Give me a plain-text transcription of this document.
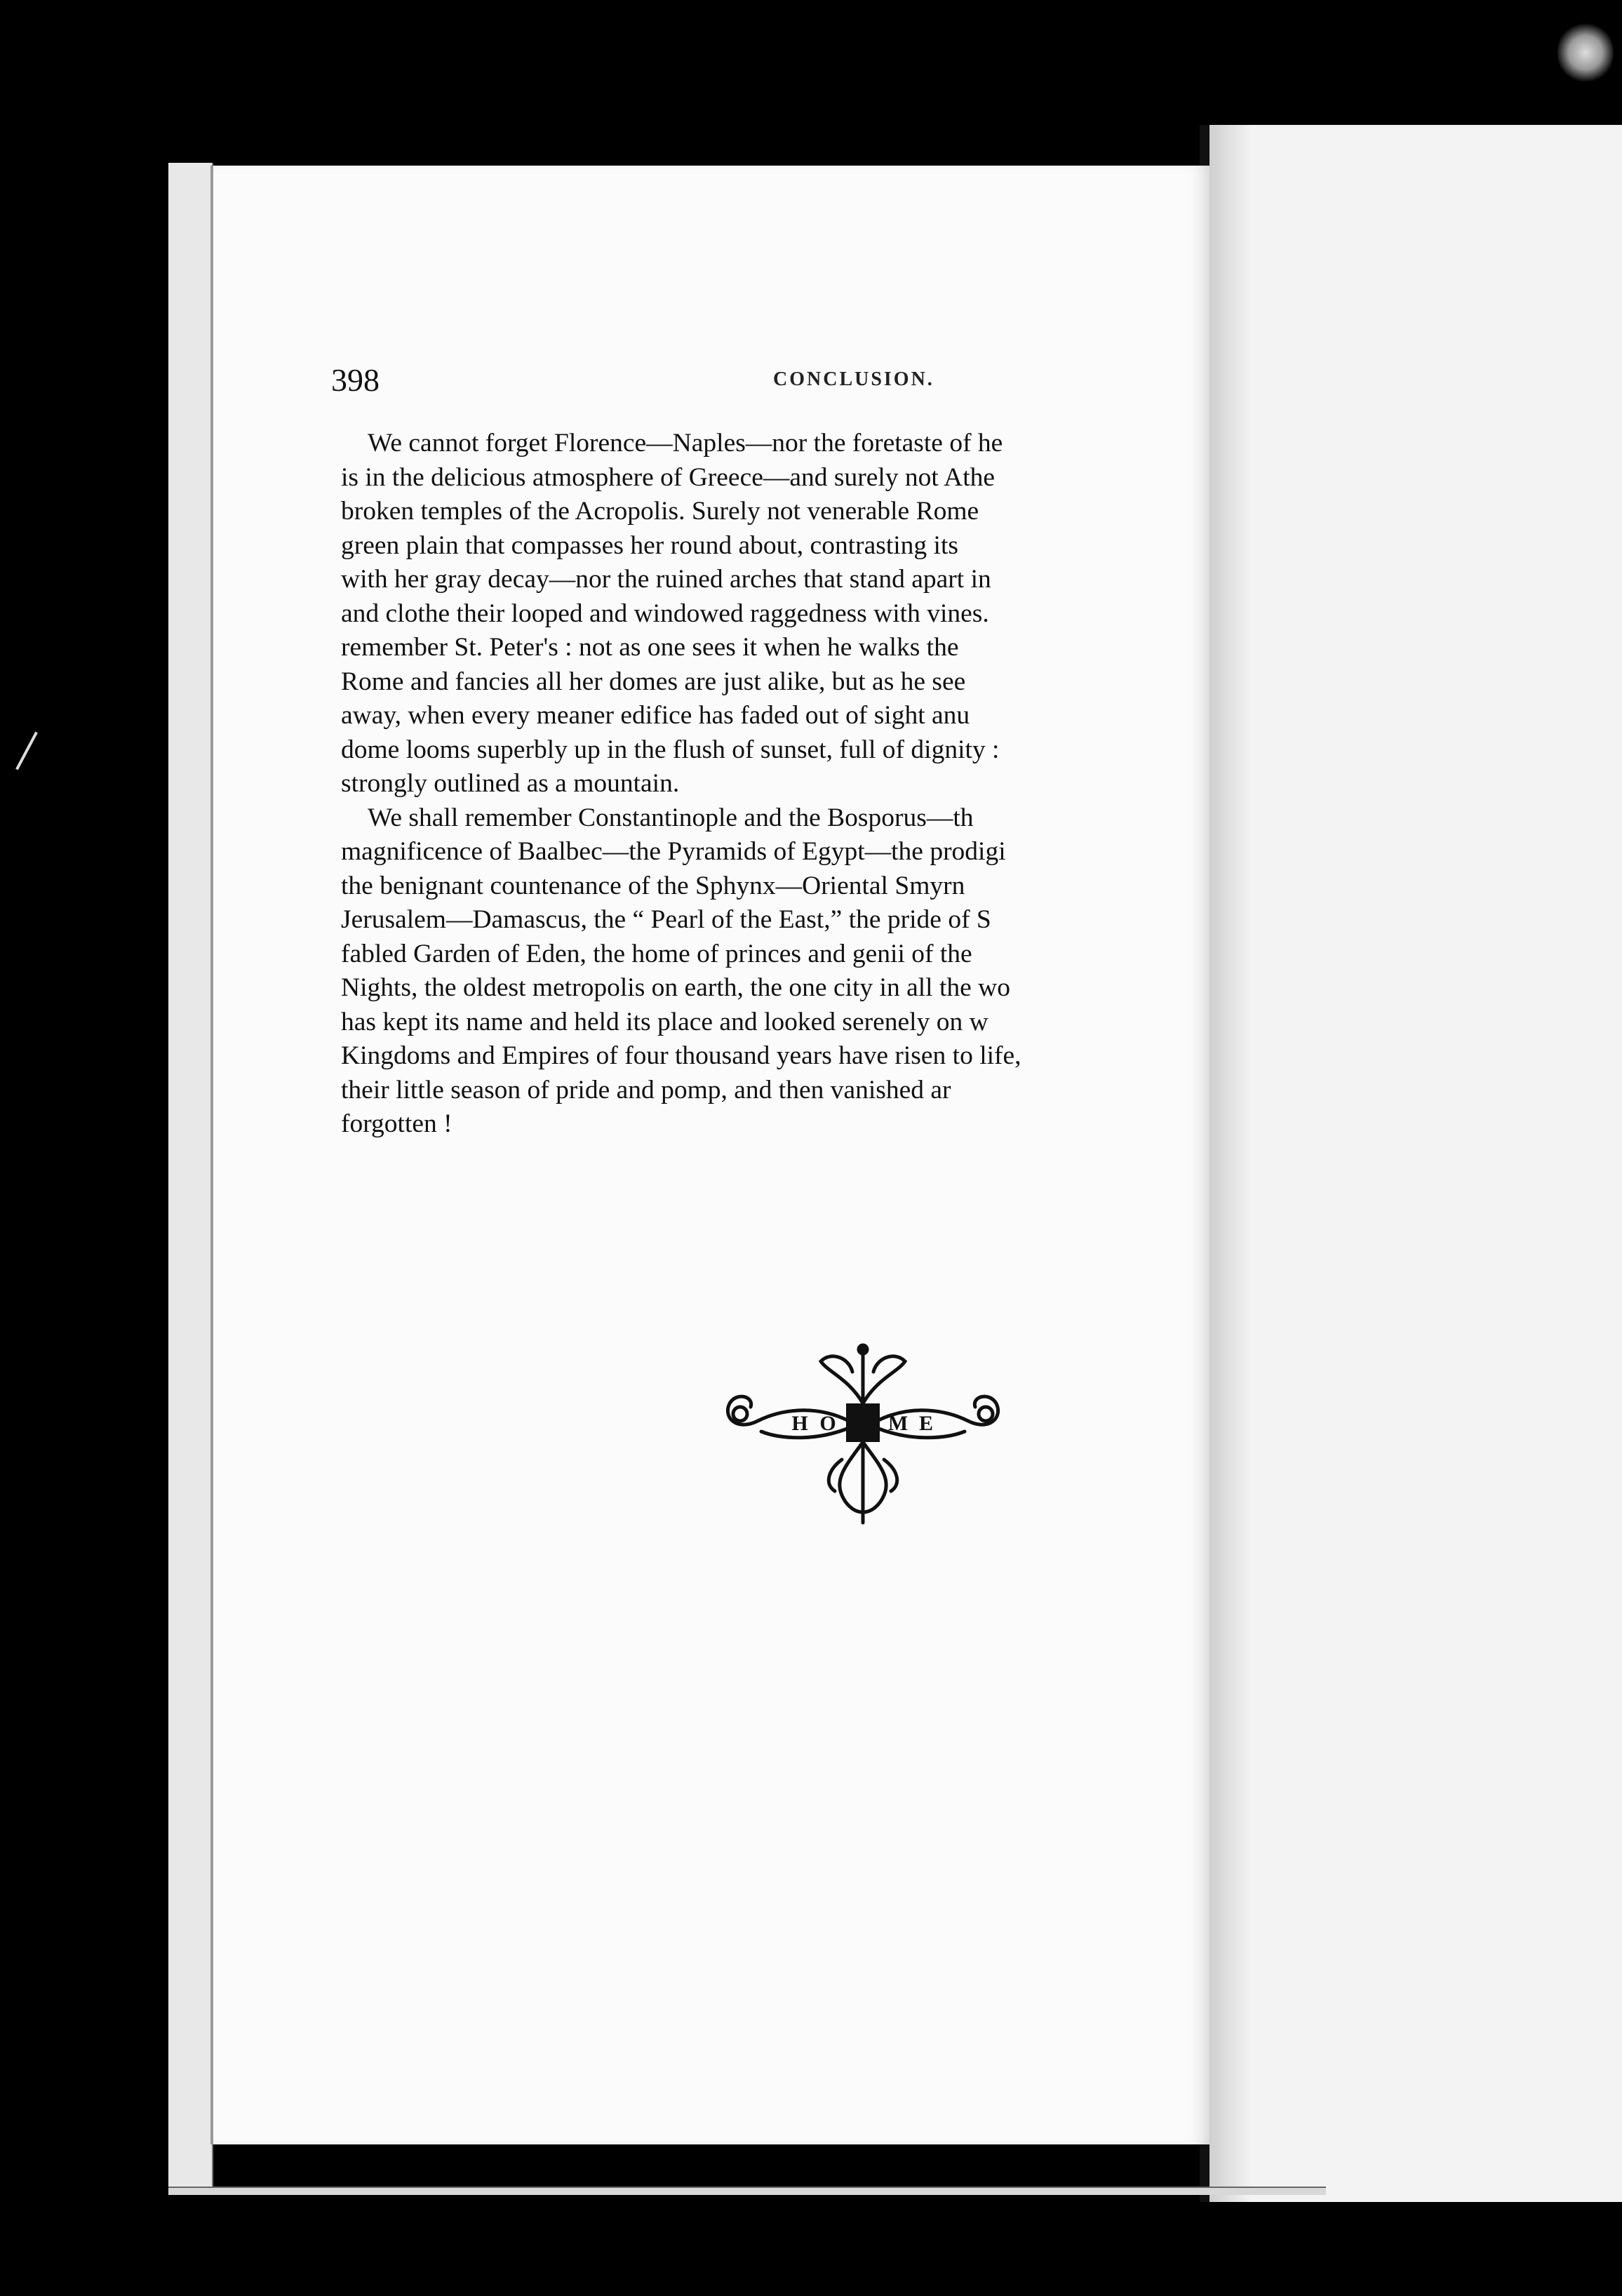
398	CONCLUSION.
We cannot forget Florence—Naples—nor the foretaste of he
is in the delicious atmosphere of Greece—and surely not Athe
broken temples of the Acropolis. Surely not venerable Rome
green plain that compasses her round about, contrasting its
with her gray decay—nor the ruined arches that stand apart in
and clothe their looped and windowed raggedness with vines.
remember St. Peter's : not as one sees it when he walks the
Rome and fancies all her domes are just alike, but as he see
away, when every meaner edifice has faded out of sight anu
dome looms superbly up in the flush of sunset, full of dignity :
strongly outlined as a mountain.
We shall remember Constantinople and the Bosporus—th
magnificence of Baalbec—the Pyramids of Egypt—the prodigi
the benignant countenance of the Sphynx—Oriental Smyrn
Jerusalem—Damascus, the “ Pearl of the East,” the pride of S
fabled Garden of Eden, the home of princes and genii of the
Nights, the oldest metropolis on earth, the one city in all the wo
has kept its name and held its place and looked serenely on w
Kingdoms and Empires of four thousand years have risen to life,
their little season of pride and pomp, and then vanished ar
forgotten !
H O M E
